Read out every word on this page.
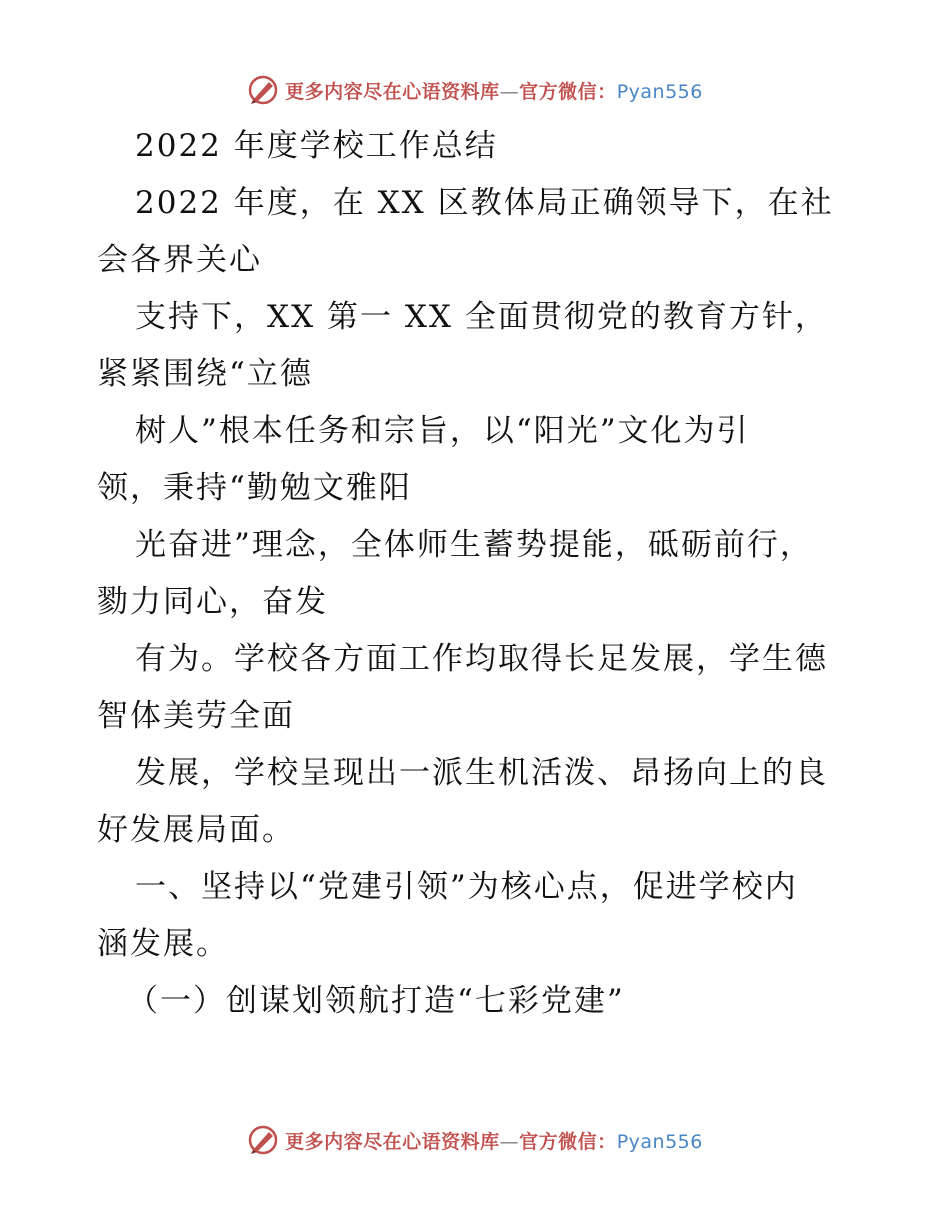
更多内容尽在心语资料库—官方微信：Pyan556
2022 年度学校工作总结
2022 年度，在 XX 区教体局正确领导下，在社
会各界关心
支持下，XX 第一 XX 全面贯彻党的教育方针，
紧紧围绕“立德
树人”根本任务和宗旨，以“阳光”文化为引
领，秉持“勤勉文雅阳
光奋进”理念，全体师生蓄势提能，砥砺前行，
勠力同心，奋发
有为。学校各方面工作均取得长足发展，学生德
智体美劳全面
发展，学校呈现出一派生机活泼、昂扬向上的良
好发展局面。
一、坚持以“党建引领”为核心点，促进学校内
涵发展。
（一）创谋划领航打造“七彩党建”
更多内容尽在心语资料库—官方微信：Pyan556
